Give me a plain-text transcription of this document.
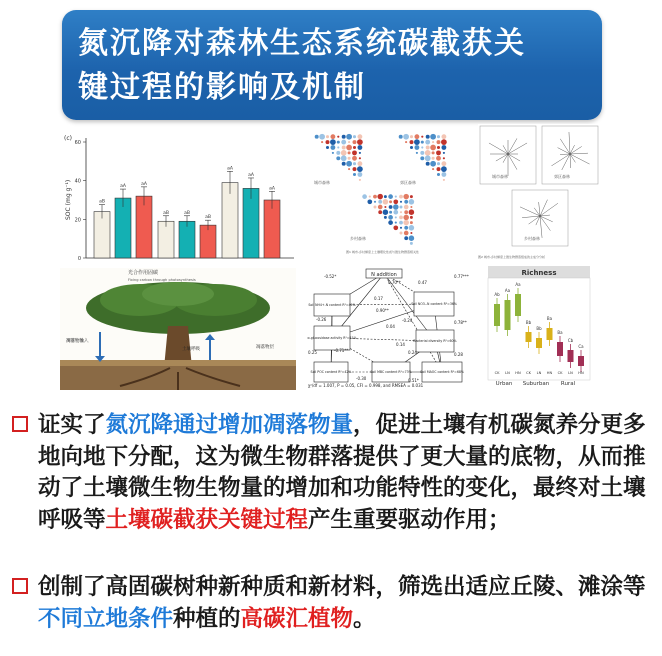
氮沉降对森林生态系统碳截获关
键过程的影响及机制
(c)
SOC (mg g⁻¹)
0
20
40
60
aB
aA	aA
aB	aB
aB
aA
aA
aA
城市森林	郊区森林
乡村森林
图1 城市-乡村梯度上土壤理化性质与微生物群落相关性
城市森林	郊区森林
乡村森林
图2 城市-乡村梯度上微生物群落组成的主成分分析
光合作用固碳
Fixing carbon through photosynthesis
凋落物输入
土壤呼吸	凋落物层
N addition
Soil NH4+-N content R²=49%	Soil NO3--N content R²=36%
α-glucosidase activity R²=81%
Bacterial diversity R²=60%
Soil POC content R²=42%	Soil MBC content R²=73%	Soil MAOC content R²=68%
-0.52*
0.70**	0.47
0.77***
0.17
-0.26
0.90**
-0.24	0.78**
0.04
0.25	-0.71**
0.28
0.14
0.24
-0.30	0.51*
χ²/df = 1.007, P = 0.05, CFI = 0.998, and RMSEA = 0.031
Richness
Ab
Aa
Aa
Bb
Bb
Ba
Ba
Cb
Ca
CK LN HN CK LN HN CK LN HN
Urban Suburban Rural
证实了氮沉降通过增加凋落物量，促进土壤有机碳氮养分更多地向地下分配，这为微生物群落提供了更大量的底物，从而推动了土壤微生物生物量的增加和功能特性的变化，最终对土壤呼吸等土壤碳截获关键过程产生重要驱动作用；
创制了高固碳树种新种质和新材料，筛选出适应丘陵、滩涂等不同立地条件种植的高碳汇植物。
